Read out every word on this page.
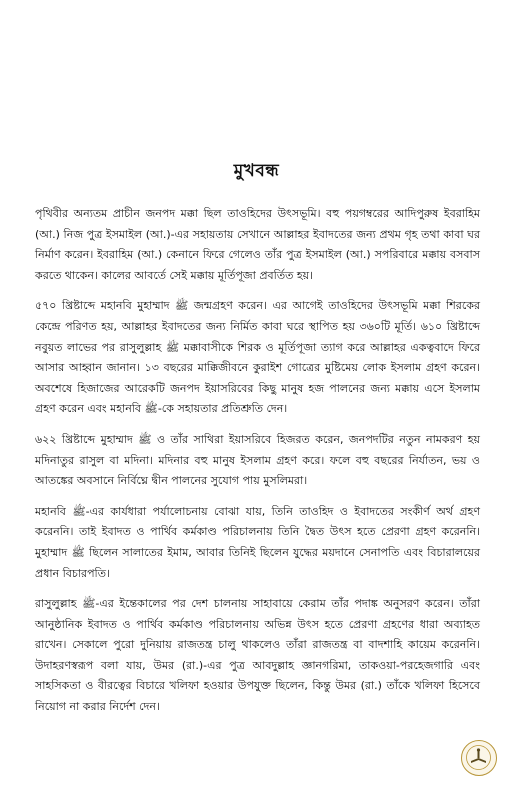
মুখবন্ধ

পৃথিবীর অন্যতম প্রাচীন জনপদ মক্কা ছিল তাওহিদের উৎসভূমি। বহু পয়গম্বরের আদিপুরুষ ইবরাহিম (আ.) নিজ পুত্র ইসমাইল (আ.)-এর সহায়তায় সেখানে আল্লাহর ইবাদতের জন্য প্রথম গৃহ তথা কাবা ঘর নির্মাণ করেন। ইবরাহিম (আ.) কেনানে ফিরে গেলেও তাঁর পুত্র ইসমাইল (আ.) সপরিবারে মক্কায় বসবাস করতে থাকেন। কালের আবর্তে সেই মক্কায় মূর্তিপূজা প্রবর্তিত হয়।

৫৭০ খ্রিষ্টাব্দে মহানবি মুহাম্মাদ ﷺ জন্মগ্রহণ করেন। এর আগেই তাওহিদের উৎসভূমি মক্কা শিরকের কেন্দ্রে পরিণত হয়, আল্লাহর ইবাদতের জন্য নির্মিত কাবা ঘরে স্থাপিত হয় ৩৬০টি মূর্তি। ৬১০ খ্রিষ্টাব্দে নবুয়ত লাভের পর রাসুলুল্লাহ ﷺ মক্কাবাসীকে শিরক ও মূর্তিপূজা ত্যাগ করে আল্লাহর একত্ববাদে ফিরে আসার আহ্বান জানান। ১৩ বছরের মাক্কিজীবনে কুরাইশ গোত্রের মুষ্টিমেয় লোক ইসলাম গ্রহণ করেন। অবশেষে হিজাজের আরেকটি জনপদ ইয়াসরিবের কিছু মানুষ হজ পালনের জন্য মক্কায় এসে ইসলাম গ্রহণ করেন এবং মহানবি ﷺ-কে সহায়তার প্রতিশ্রুতি দেন।

৬২২ খ্রিষ্টাব্দে মুহাম্মাদ ﷺ ও তাঁর সাথিরা ইয়াসরিবে হিজরত করেন, জনপদটির নতুন নামকরণ হয় মদিনাতুর রাসুল বা মদিনা। মদিনার বহু মানুষ ইসলাম গ্রহণ করে। ফলে বহু বছরের নির্যাতন, ভয় ও আতঙ্কের অবসানে নির্বিঘ্নে দ্বীন পালনের সুযোগ পায় মুসলিমরা।

মহানবি ﷺ-এর কার্যধারা পর্যালোচনায় বোঝা যায়, তিনি তাওহিদ ও ইবাদতের সংকীর্ণ অর্থ গ্রহণ করেননি। তাই ইবাদত ও পার্থিব কর্মকাণ্ড পরিচালনায় তিনি দ্বৈত উৎস হতে প্রেরণা গ্রহণ করেননি। মুহাম্মাদ ﷺ ছিলেন সালাতের ইমাম, আবার তিনিই ছিলেন যুদ্ধের ময়দানে সেনাপতি এবং বিচারালয়ের প্রধান বিচারপতি।

রাসুলুল্লাহ ﷺ-এর ইন্তেকালের পর দেশ চালনায় সাহাবায়ে কেরাম তাঁর পদাঙ্ক অনুসরণ করেন। তাঁরা আনুষ্ঠানিক ইবাদত ও পার্থিব কর্মকাণ্ড পরিচালনায় অভিন্ন উৎস হতে প্রেরণা গ্রহণের ধারা অব্যাহত রাখেন। সেকালে পুরো দুনিয়ায় রাজতন্ত্র চালু থাকলেও তাঁরা রাজতন্ত্র বা বাদশাহি কায়েম করেননি। উদাহরণস্বরূপ বলা যায়, উমর (রা.)-এর পুত্র আবদুল্লাহ জ্ঞানগরিমা, তাকওয়া-পরহেজগারি এবং সাহসিকতা ও বীরত্বের বিচারে খলিফা হওয়ার উপযুক্ত ছিলেন, কিন্তু উমর (রা.) তাঁকে খলিফা হিসেবে নিয়োগ না করার নির্দেশ দেন।
